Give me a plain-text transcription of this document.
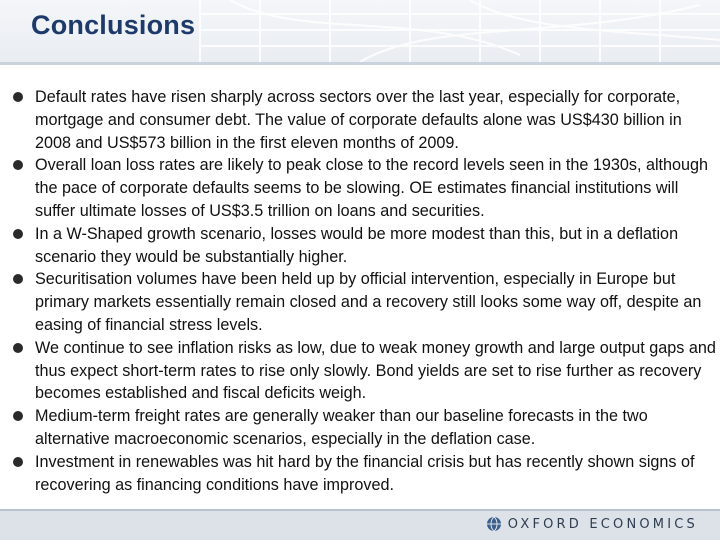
Conclusions
Default rates have risen sharply across sectors over the last year, especially for corporate, mortgage and consumer debt. The value of corporate defaults alone was US$430 billion in 2008 and US$573 billion in the first eleven months of 2009.
Overall loan loss rates are likely to peak close to the record levels seen in the 1930s, although the pace of corporate defaults seems to be slowing. OE estimates financial institutions will suffer ultimate losses of US$3.5 trillion on loans and securities.
In a W-Shaped growth scenario, losses would be more modest than this, but in a deflation scenario they would be substantially higher.
Securitisation volumes have been held up by official intervention, especially in Europe but primary markets essentially remain closed and a recovery still looks some way off, despite an easing of financial stress levels.
We continue to see inflation risks as low, due to weak money growth and large output gaps and thus expect short-term rates to rise only slowly. Bond yields are set to rise further as recovery becomes established and fiscal deficits weigh.
Medium-term freight rates are generally weaker than our baseline forecasts in the two alternative macroeconomic scenarios, especially in the deflation case.
Investment in renewables was hit hard by the financial crisis but has recently shown signs of recovering as financing conditions have improved.
OXFORD ECONOMICS
